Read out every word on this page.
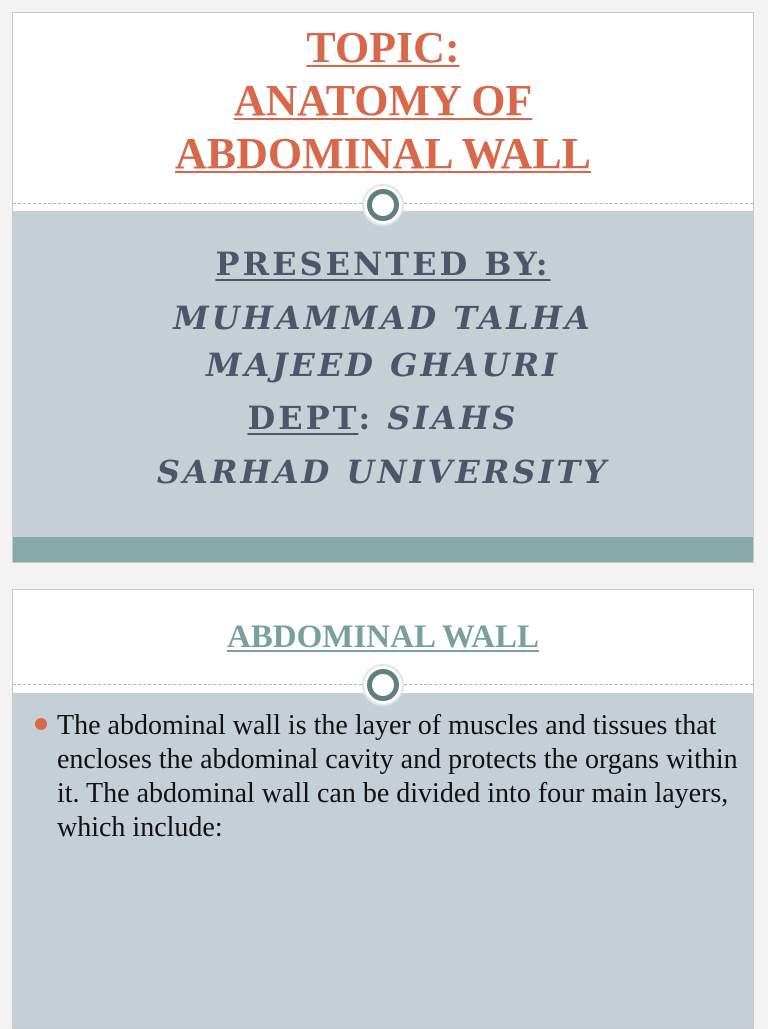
TOPIC:
ANATOMY OF
ABDOMINAL WALL
PRESENTED BY:
MUHAMMAD TALHA
MAJEED GHAURI
DEPT: SIAHS
SARHAD UNIVERSITY
ABDOMINAL WALL

The abdominal wall is the layer of muscles and tissues that encloses the abdominal cavity and protects the organs within it. The abdominal wall can be divided into four main layers, which include:
